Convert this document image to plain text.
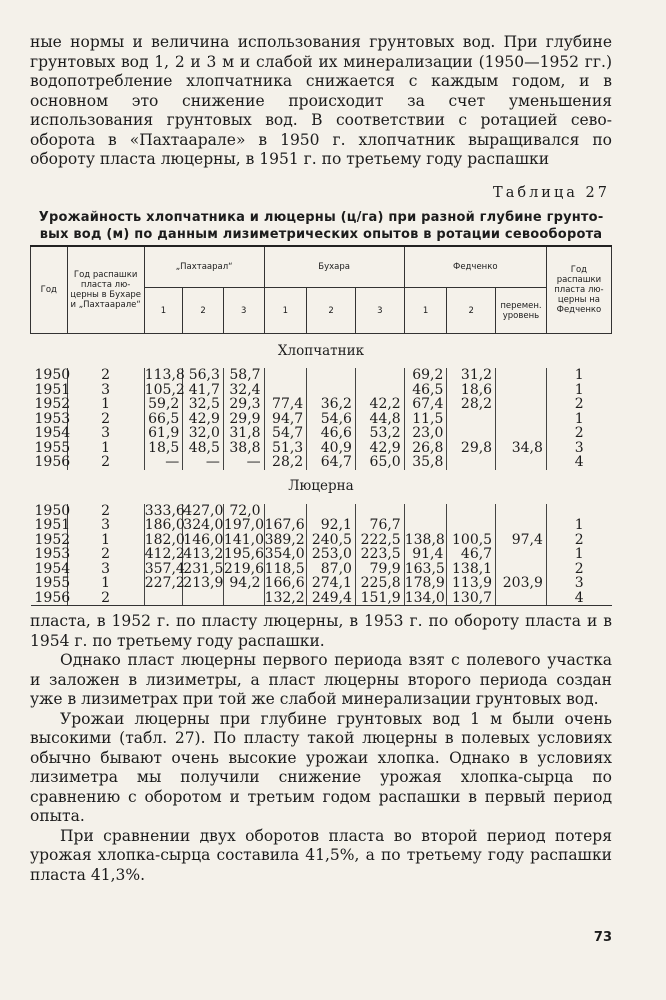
ные нормы и величина использования грунтовых вод. При глубине грунтовых вод 1, 2 и 3 м и слабой их минерализации (1950—1952 гг.) водопотребление хлопчатника снижается с каждым годом, и в основном это снижение происходит за счет уменьшения использования грунтовых вод. В соответствии с ротацией севооборота в «Пахтаарале» в 1950 г. хлопчатник выращивался по обороту пласта люцерны, в 1951 г. по третьему году распашки

Таблица 27
Урожайность хлопчатника и люцерны (ц/га) при разной глубине грунтовых вод (м) по данным лизиметрических опытов в ротации севооборота
Год	Год распашки пласта люцерны в Бухаре и „Пахтаарале“	„Пахтаарал“			Бухара			Федченко			Год распашки пласта люцерны на Федченко
		1	2	3	1	2	3	1	2	перемен. уровень	
Хлопчатник											
1950	2	113,8	56,3	58,7				69,2	31,2		1
1951	3	105,2	41,7	32,4				46,5	18,6		1
1952	1	59,2	32,5	29,3	77,4	36,2	42,2	67,4	28,2		2
1953	2	66,5	42,9	29,9	94,7	54,6	44,8	11,5			1
1954	3	61,9	32,0	31,8	54,7	46,6	53,2	23,0			2
1955	1	18,5	48,5	38,8	51,3	40,9	42,9	26,8	29,8	34,8	3
1956	2	—	—	—	28,2	64,7	65,0	35,8			4
Люцерна											
1950	2	333,6	427,0	72,0							
1951	3	186,0	324,0	197,0	167,6	92,1	76,7				1
1952	1	182,0	146,0	141,0	389,2	240,5	222,5	138,8	100,5	97,4	2
1953	2	412,2	413,2	195,6	354,0	253,0	223,5	91,4	46,7		1
1954	3	357,4	231,5	219,6	118,5	87,0	79,9	163,5	138,1		2
1955	1	227,2	213,9	94,2	166,6	274,1	225,8	178,9	113,9	203,9	3
1956	2				132,2	249,4	151,9	134,0	130,7		4

пласта, в 1952 г. по пласту люцерны, в 1953 г. по обороту пласта и в 1954 г. по третьему году распашки.

Однако пласт люцерны первого периода взят с полевого участка и заложен в лизиметры, а пласт люцерны второго периода создан уже в лизиметрах при той же слабой минерализации грунтовых вод.

Урожаи люцерны при глубине грунтовых вод 1 м были очень высокими (табл. 27). По пласту такой люцерны в полевых условиях обычно бывают очень высокие урожаи хлопка. Однако в условиях лизиметра мы получили снижение урожая хлопка-сырца по сравнению с оборотом и третьим годом распашки в первый период опыта.

При сравнении двух оборотов пласта во второй период потеря урожая хлопка-сырца составила 41,5%, а по третьему году распашки пласта 41,3%.

73
